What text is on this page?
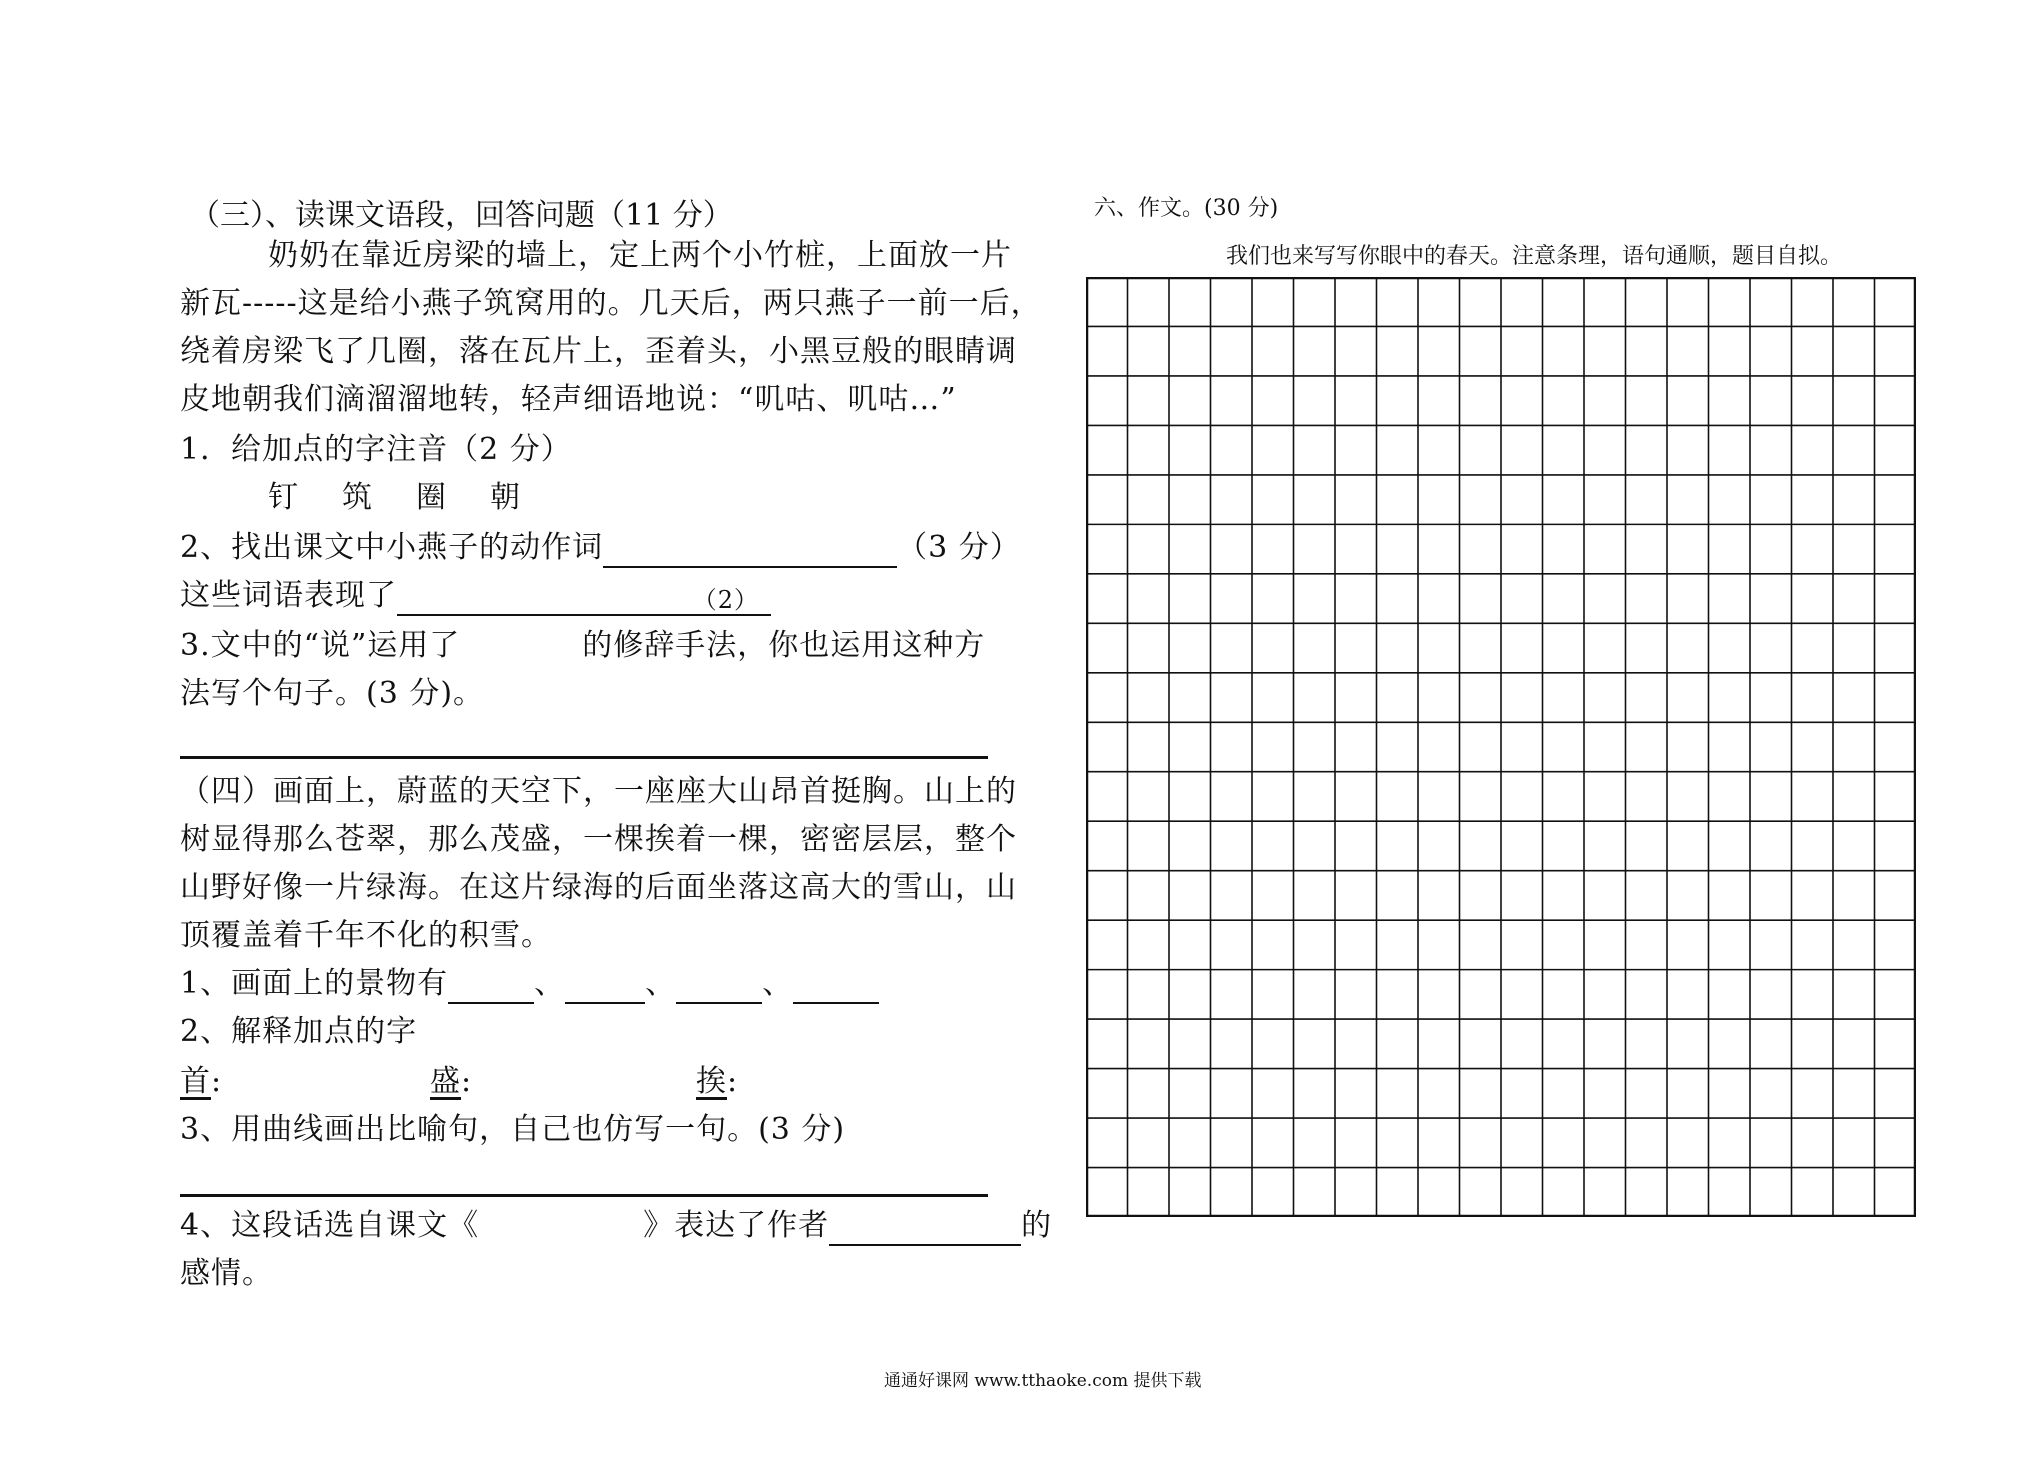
（三）、读课文语段，回答问题（11 分）
奶奶在靠近房梁的墙上，定上两个小竹桩，上面放一片
新瓦-----这是给小燕子筑窝用的。几天后，两只燕子一前一后，
绕着房梁飞了几圈，落在瓦片上，歪着头，小黑豆般的眼睛调
皮地朝我们滴溜溜地转，轻声细语地说：“叽咕、叽咕…”
1．给加点的字注音（2 分）
钉 筑 圈 朝
2、找出课文中小燕子的动作词	（3 分）
这些词语表现了	（2）
3.文中的“说”运用了	的修辞手法，你也运用这种方
法写个句子。(3 分)。
（四）画面上，蔚蓝的天空下，一座座大山昂首挺胸。山上的
树显得那么苍翠，那么茂盛，一棵挨着一棵，密密层层，整个
山野好像一片绿海。在这片绿海的后面坐落这高大的雪山，山
顶覆盖着千年不化的积雪。
1、画面上的景物有	、	、	、
2、解释加点的字
首:	盛:	挨:
3、用曲线画出比喻句，自己也仿写一句。(3 分)
4、这段话选自课文《	》表达了作者	的
感情。
六、作文。(30 分)
我们也来写写你眼中的春天。注意条理，语句通顺，题目自拟。
通通好课网 www.tthaoke.com 提供下载
